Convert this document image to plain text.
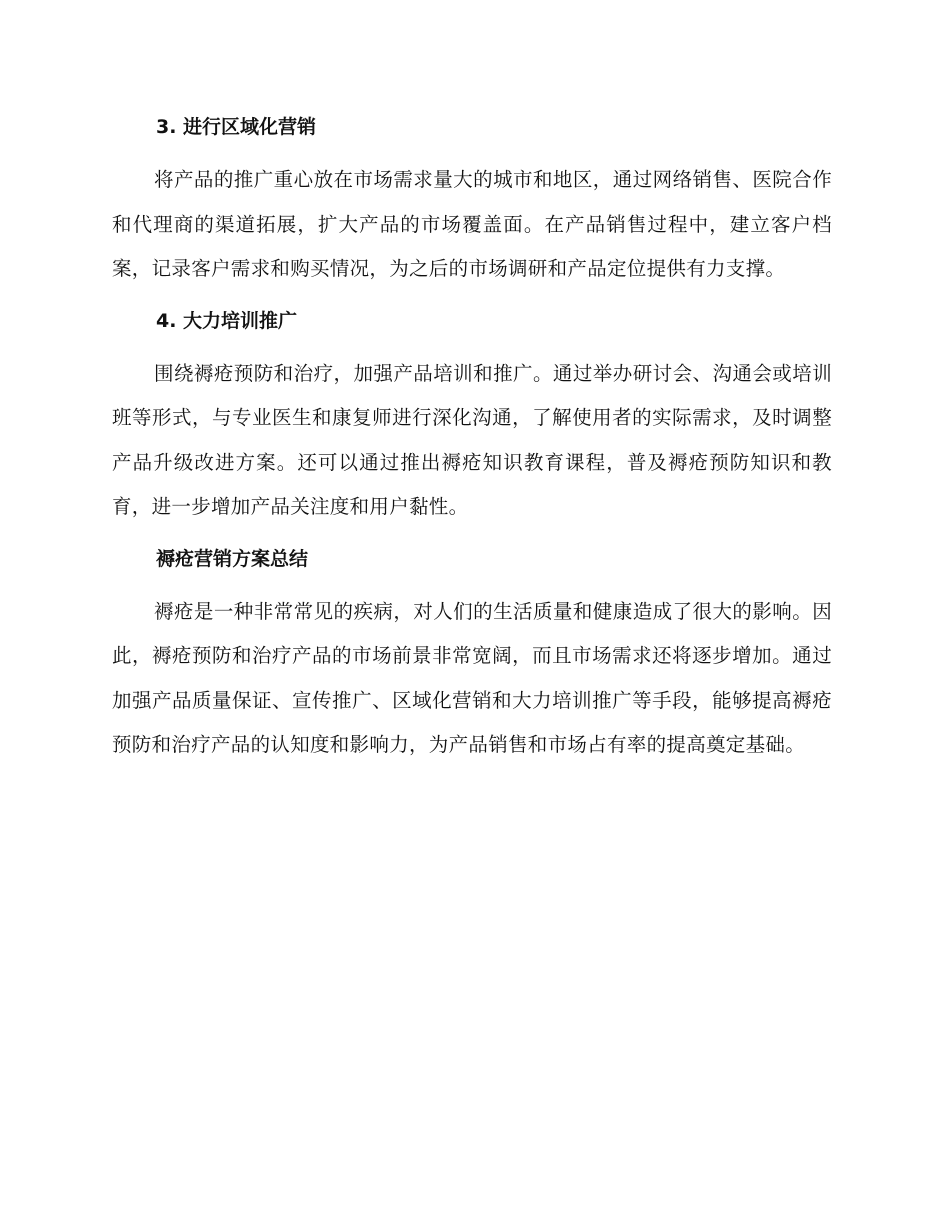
3. 进行区域化营销

将产品的推广重心放在市场需求量大的城市和地区，通过网络销售、医院合作和代理商的渠道拓展，扩大产品的市场覆盖面。在产品销售过程中，建立客户档案，记录客户需求和购买情况，为之后的市场调研和产品定位提供有力支撑。

4. 大力培训推广

围绕褥疮预防和治疗，加强产品培训和推广。通过举办研讨会、沟通会或培训班等形式，与专业医生和康复师进行深化沟通，了解使用者的实际需求，及时调整产品升级改进方案。还可以通过推出褥疮知识教育课程，普及褥疮预防知识和教育，进一步增加产品关注度和用户黏性。

褥疮营销方案总结

褥疮是一种非常常见的疾病，对人们的生活质量和健康造成了很大的影响。因此，褥疮预防和治疗产品的市场前景非常宽阔，而且市场需求还将逐步增加。通过加强产品质量保证、宣传推广、区域化营销和大力培训推广等手段，能够提高褥疮预防和治疗产品的认知度和影响力，为产品销售和市场占有率的提高奠定基础。
